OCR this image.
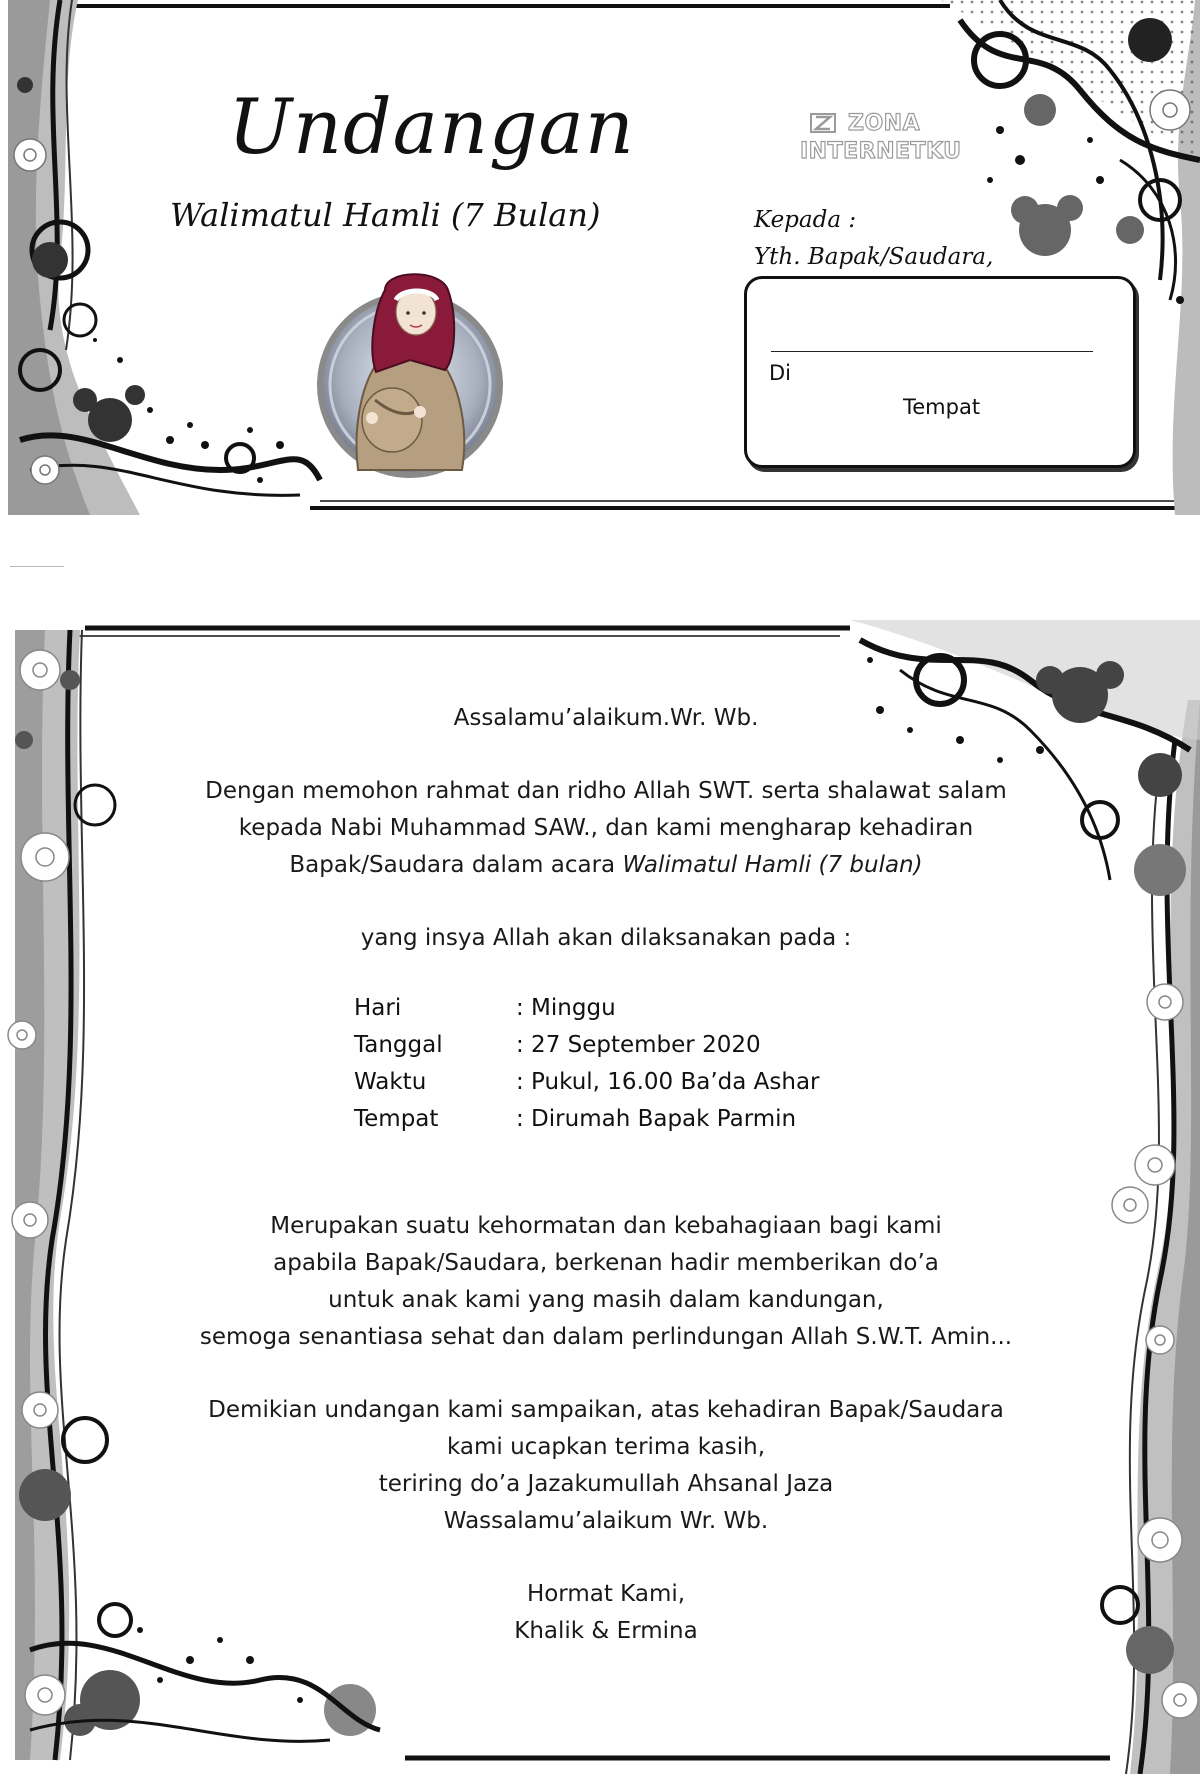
Undangan
Walimatul Hamli (7 Bulan)
ZONA
INTERNETKU
Kepada :
Yth. Bapak/Saudara,
Di
Tempat

Assalamu’alaikum.Wr. Wb.

Dengan memohon rahmat dan ridho Allah SWT. serta shalawat salam

kepada Nabi Muhammad SAW., dan kami mengharap kehadiran

Bapak/Saudara dalam acara Walimatul Hamli (7 bulan)

yang insya Allah akan dilaksanakan pada :

Hari	: Minggu
Tanggal	: 27 September 2020
Waktu	: Pukul, 16.00 Ba’da Ashar
Tempat	: Dirumah Bapak Parmin

Merupakan suatu kehormatan dan kebahagiaan bagi kami

apabila Bapak/Saudara, berkenan hadir memberikan do’a

untuk anak kami yang masih dalam kandungan,

semoga senantiasa sehat dan dalam perlindungan Allah S.W.T. Amin...

Demikian undangan kami sampaikan, atas kehadiran Bapak/Saudara

kami ucapkan terima kasih,

teriring do’a Jazakumullah Ahsanal Jaza

Wassalamu’alaikum Wr. Wb.

Hormat Kami,

Khalik & Ermina
